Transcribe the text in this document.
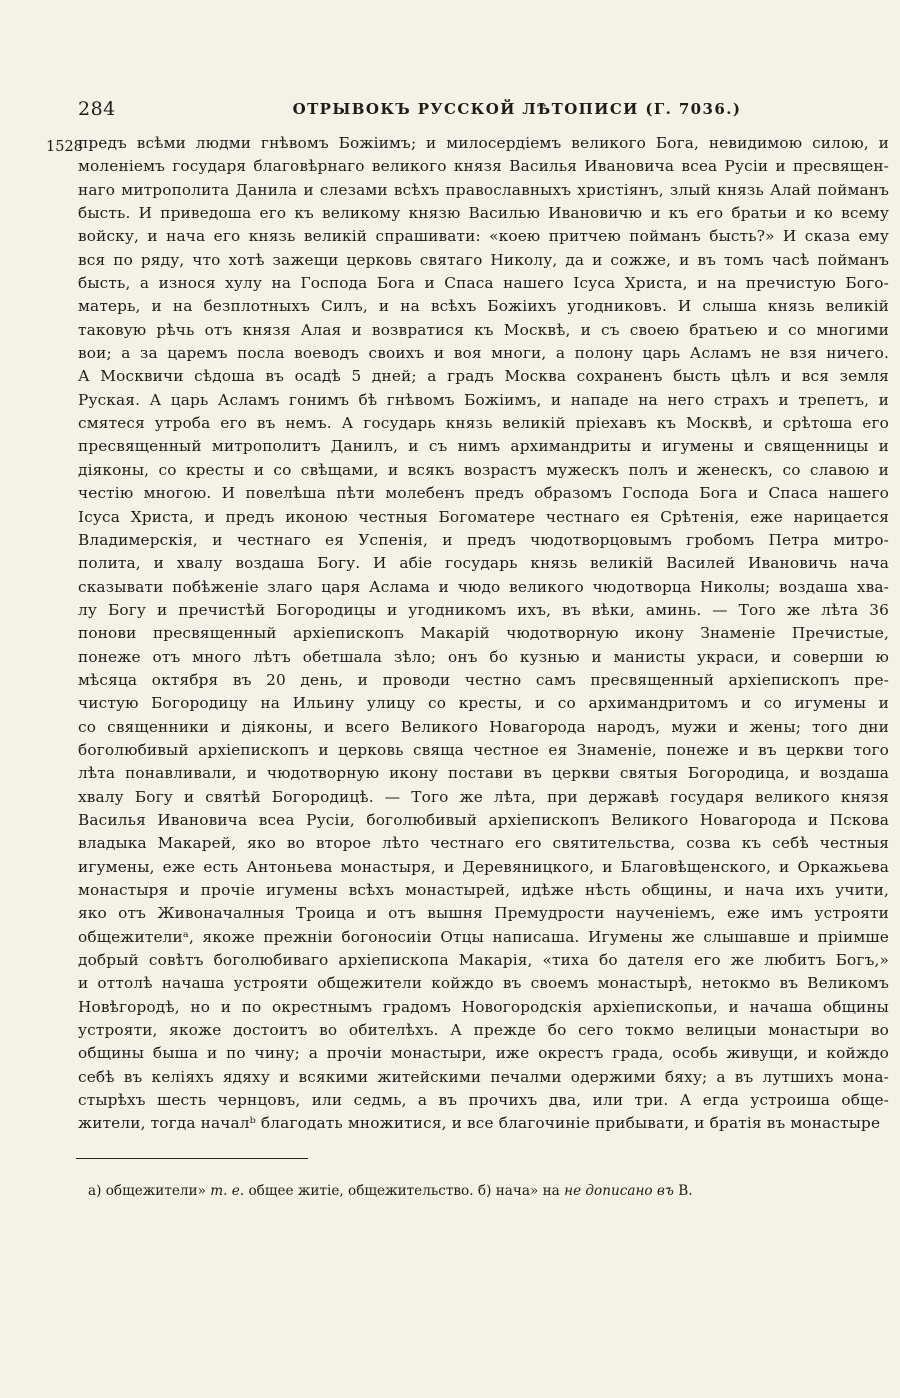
284	ОТРЫВОКЪ РУССКОЙ ЛѢТОПИСИ (Г. 7036.)
1528
предъ всѣми людми гнѣвомъ Божiимъ; и милосердiемъ великого Бога, невидимою силою, и
моленiемъ государя благовѣрнаго великого князя Василья Ивановича всеа Русiи и пресвящен-
наго митрополита Данила и слезами всѣхъ православныхъ христiянъ, злый князь Алай пойманъ
бысть. И приведоша его къ великому князю Василью Ивановичю и къ его братьи и ко всему
войску, и нача его князь великiй спрашивати: «коею притчею пойманъ бысть?» И сказа ему
вся по ряду, что хотѣ зажещи церковь святаго Николу, да и сожже, и въ томъ часѣ пойманъ
бысть, а износя хулу на Господа Бога и Спаса нашего Iсуса Христа, и на пречистую Бого-
матерь, и на безплотныхъ Силъ, и на всѣхъ Божiихъ угодниковъ. И слыша князь великiй
таковую рѣчь отъ князя Алая и возвратися къ Москвѣ, и съ своею братьею и со многими
вои; а за царемъ посла воеводъ своихъ и воя многи, а полону царь Асламъ не взя ничего.
А Москвичи сѣдоша въ осадѣ 5 дней; а градъ Москва сохраненъ бысть цѣлъ и вся земля
Руская. А царь Асламъ гонимъ бѣ гнѣвомъ Божiимъ, и нападе на него страхъ и трепетъ, и
смятеся утроба его въ немъ. А государь князь великiй прiехавъ къ Москвѣ, и срѣтоша его
пресвященный митрополитъ Данилъ, и съ нимъ архимандриты и игумены и священницы и
дiяконы, со кресты и со свѣщами, и всякъ возрастъ мужескъ полъ и женескъ, со славою и
честiю многою. И повелѣша пѣти молебенъ предъ образомъ Господа Бога и Спаса нашего
Iсуса Христа, и предъ иконою честныя Богоматере честнаго ея Срѣтенiя, еже нарицается
Владимерскiя, и честнаго ея Успенiя, и предъ чюдотворцовымъ гробомъ Петра митро-
полита, и хвалу воздаша Богу. И абiе государь князь великiй Василей Ивановичь нача
сказывати побѣженiе злаго царя Аслама и чюдо великого чюдотворца Николы; воздаша хва-
лу Богу и пречистѣй Богородицы и угодникомъ ихъ, въ вѣки, аминь. — Того же лѣта 36
понови пресвященный архiепископъ Макарiй чюдотворную икону Знаменiе Пречистые,
понеже отъ много лѣтъ обетшала зѣло; онъ бо кузнью и манисты украси, и соверши ю
мѣсяца октября въ 20 день, и проводи честно самъ пресвященный архiепископъ пре-
чистую Богородицу на Ильину улицу со кресты, и со архимандритомъ и со игумены и
со священники и дiяконы, и всего Великого Новагорода народъ, мужи и жены; того дни
боголюбивый архiепископъ и церковь свяща честное ея Знаменiе, понеже и въ церкви того
лѣта понавливали, и чюдотворную икону постави въ церкви святыя Богородица, и воздаша
хвалу Богу и святѣй Богородицѣ. — Того же лѣта, при державѣ государя великого князя
Василья Ивановича всеа Русiи, боголюбивый архiепископъ Великого Новагорода и Пскова
владыка Макарей, яко во второе лѣто честнаго его святительства, созва къ себѣ честныя
игумены, еже есть Антоньева монастыря, и Деревяницкого, и Благовѣщенского, и Оркажьева
монастыря и прочiе игумены всѣхъ монастырей, идѣже нѣсть общины, и нача ихъ учити,
яко отъ Живоначалныя Троица и отъ вышня Премудрости наученiемъ, еже имъ устрояти
общежителиᵃ, якоже прежнiи богоносиiи Отцы написаша. Игумены же слышавше и прiимше
добрый совѣтъ боголюбиваго архiепископа Макарiя, «тиха бо дателя его же любитъ Богъ,»
и оттолѣ начаша устрояти общежители койждо въ своемъ монастырѣ, нетокмо въ Великомъ
Новѣгородѣ, но и по окрестнымъ градомъ Новогородскiя архiепископьи, и начаша общины
устрояти, якоже достоитъ во обителѣхъ. А прежде бо сего токмо велицыи монастыри во
общины быша и по чину; а прочiи монастыри, иже окрестъ града, особь живущи, и койждо
себѣ въ келiяхъ ядяху и всякими житейскими печалми одержими бяху; а въ лутшихъ мона-
стырѣхъ шесть чернцовъ, или седмь, а въ прочихъ два, или три. А егда устроиша обще-
жители, тогда началᵇ благодать множитися, и все благочинiе прибывати, и братiя въ монастыре
а) общежители» т. е. общее житiе, общежительство. б) нача» на не дописано въ В.
